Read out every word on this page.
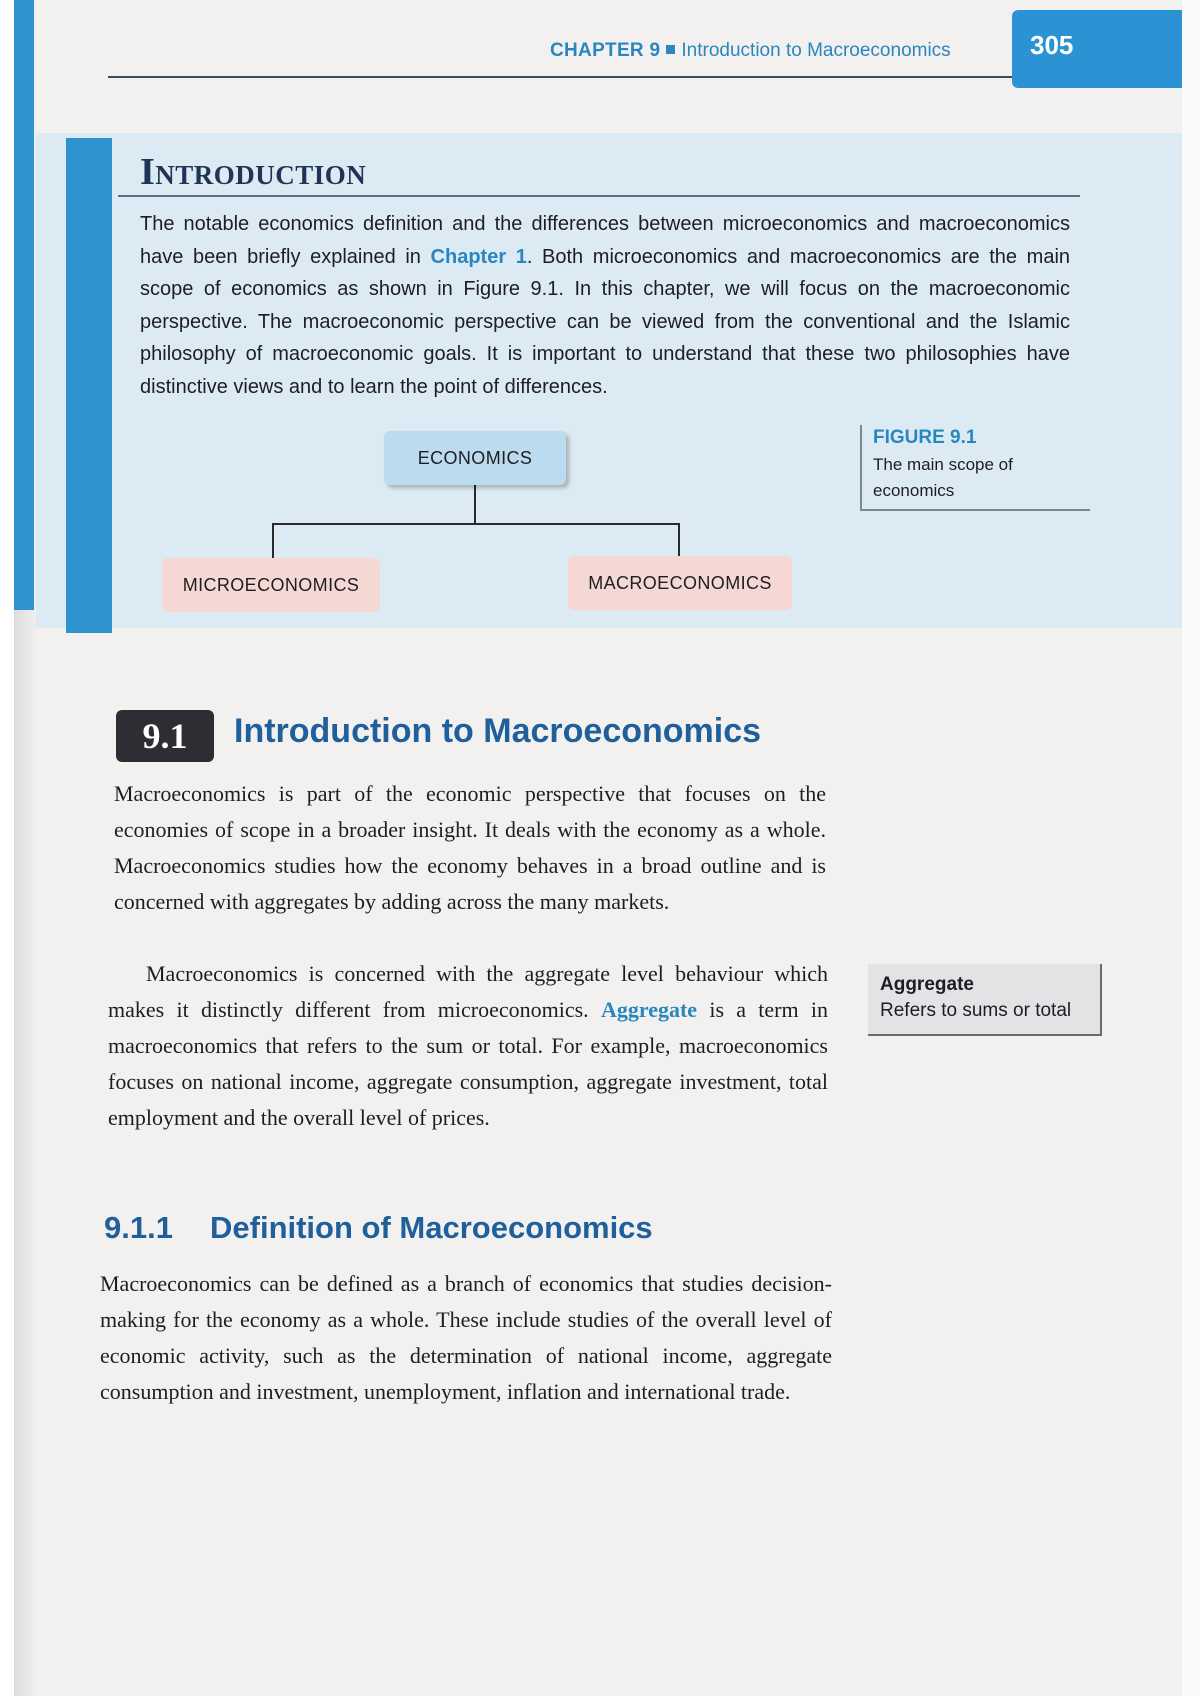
CHAPTER 9 Introduction to Macroeconomics	305
Introduction
The notable economics definition and the differences between microeconomics and macroeconomics have been briefly explained in Chapter 1. Both microeconomics and macroeconomics are the main scope of economics as shown in Figure 9.1. In this chapter, we will focus on the macroeconomic perspective. The macroeconomic perspective can be viewed from the conventional and the Islamic philosophy of macroeconomic goals. It is important to understand that these two philosophies have distinctive views and to learn the point of differences.
ECONOMICS
MICROECONOMICS	MACROECONOMICS
FIGURE 9.1
The main scope of economics
9.1	Introduction to Macroeconomics
Macroeconomics is part of the economic perspective that focuses on the economies of scope in a broader insight. It deals with the economy as a whole. Macroeconomics studies how the economy behaves in a broad outline and is concerned with aggregates by adding across the many markets.
Macroeconomics is concerned with the aggregate level behaviour which makes it distinctly different from microeconomics. Aggregate is a term in macroeconomics that refers to the sum or total. For example, macroeconomics focuses on national income, aggregate consumption, aggregate investment, total employment and the overall level of prices.
Aggregate
Refers to sums or total
9.1.1 Definition of Macroeconomics
Macroeconomics can be defined as a branch of economics that studies decision-making for the economy as a whole. These include studies of the overall level of economic activity, such as the determination of national income, aggregate consumption and investment, unemployment, inflation and international trade.
